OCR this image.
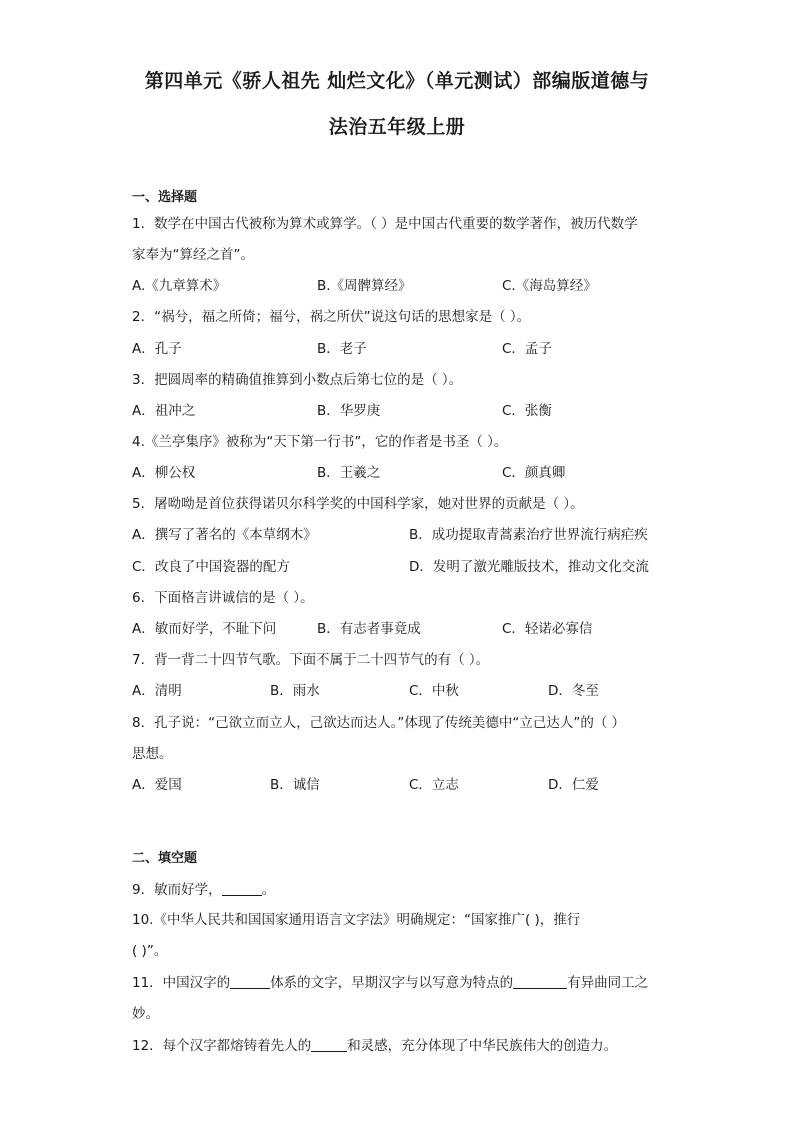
第四单元《骄人祖先 灿烂文化》（单元测试）部编版道德与
法治五年级上册
一、选择题
1．数学在中国古代被称为算术或算学。（ ）是中国古代重要的数学著作，被历代数学
家奉为“算经之首”。
A.《九章算术》	B.《周髀算经》	C.《海岛算经》
2．“祸兮，福之所倚；福兮，祸之所伏”说这句话的思想家是（ ）。
A．孔子	B．老子	C．孟子
3．把圆周率的精确值推算到小数点后第七位的是（ ）。
A．祖冲之	B．华罗庚	C．张衡
4.《兰亭集序》被称为“天下第一行书”，它的作者是书圣（ ）。
A．柳公权	B．王羲之	C．颜真卿
5．屠呦呦是首位获得诺贝尔科学奖的中国科学家，她对世界的贡献是（ ）。
A．撰写了著名的《本草纲木》	B．成功提取青蒿素治疗世界流行病疟疾
C．改良了中国瓷器的配方	D．发明了激光雕版技术，推动文化交流
6．下面格言讲诚信的是（ ）。
A．敏而好学，不耻下问	B．有志者事竟成	C．轻诺必寡信
7．背一背二十四节气歌。下面不属于二十四节气的有（ ）。
A．清明	B．雨水	C．中秋	D．冬至
8．孔子说：“己欲立而立人，己欲达而达人。”体现了传统美德中“立己达人”的（ ）
思想。
A．爱国	B．诚信	C．立志	D．仁爱
二、填空题
9．敏而好学，	。
10.《中华人民共和国国家通用语言文字法》明确规定：“国家推广( )，推行
( )”。
11．中国汉字的	体系的文字，早期汉字与以写意为特点的	有异曲同工之
妙。
12．每个汉字都熔铸着先人的	和灵感，充分体现了中华民族伟大的创造力。
